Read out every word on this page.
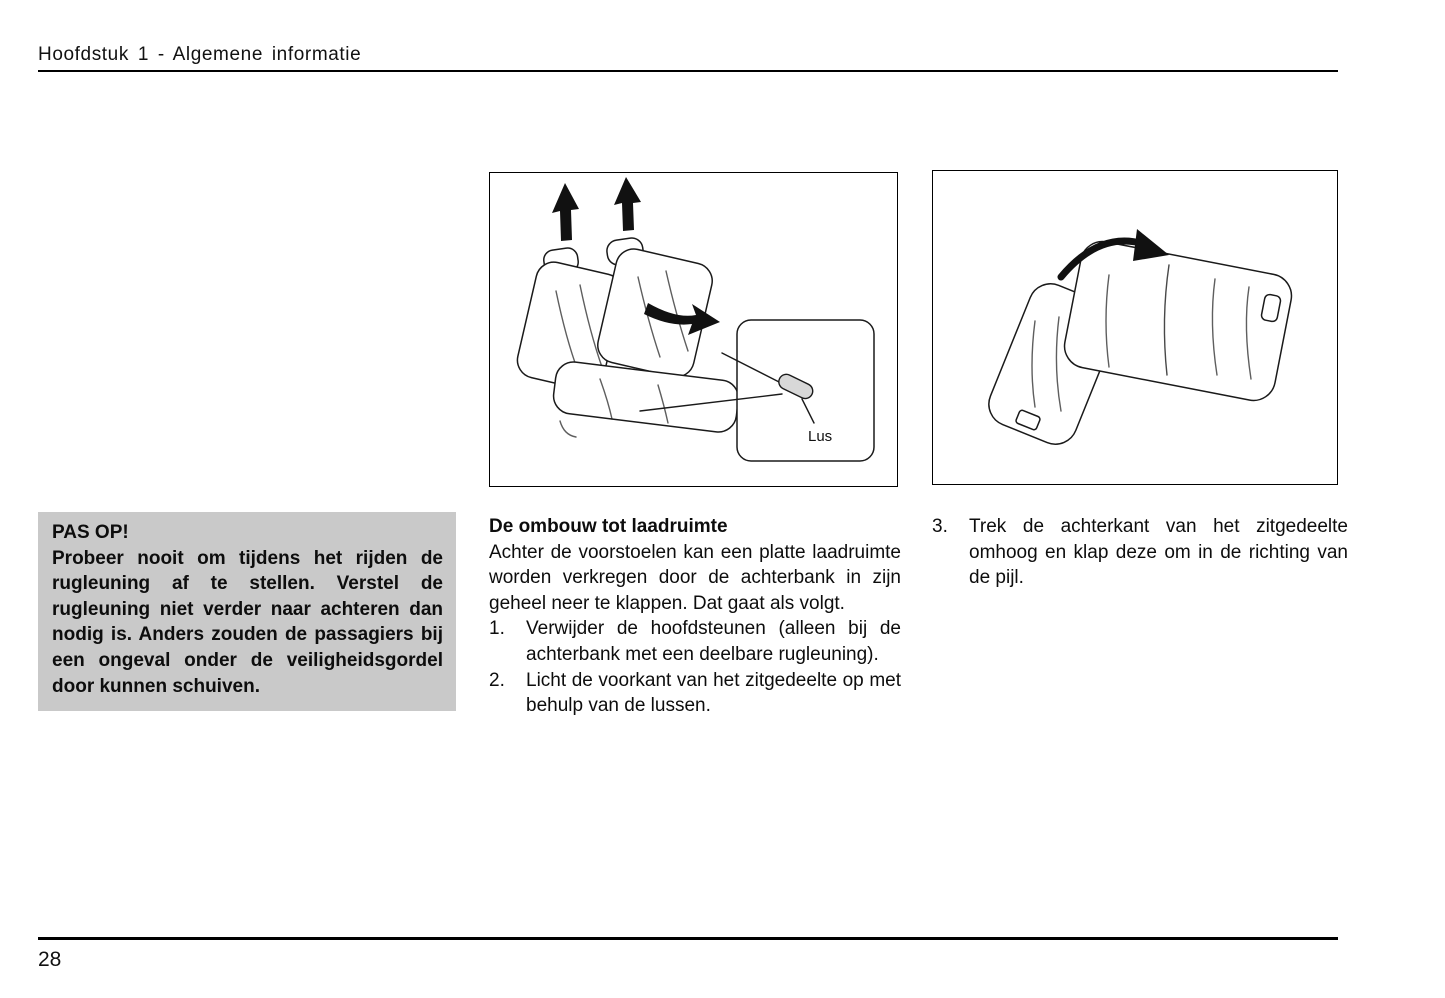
Hoofdstuk 1 - Algemene informatie
Lus
PAS OP!
Probeer nooit om tijdens het rijden de rugleuning af te stellen. Verstel de rugleuning niet verder naar achteren dan nodig is. Anders zouden de passagiers bij een ongeval onder de veiligheidsgordel door kunnen schuiven.
De ombouw tot laadruimte
Achter de voorstoelen kan een platte laadruimte worden verkregen door de achterbank in zijn geheel neer te klappen. Dat gaat als volgt.
1.	Verwijder de hoofdsteunen (alleen bij de achterbank met een deelbare rugleuning).
2.	Licht de voorkant van het zitgedeelte op met behulp van de lussen.
3.	Trek de achterkant van het zitgedeelte omhoog en klap deze om in de richting van de pijl.
28
